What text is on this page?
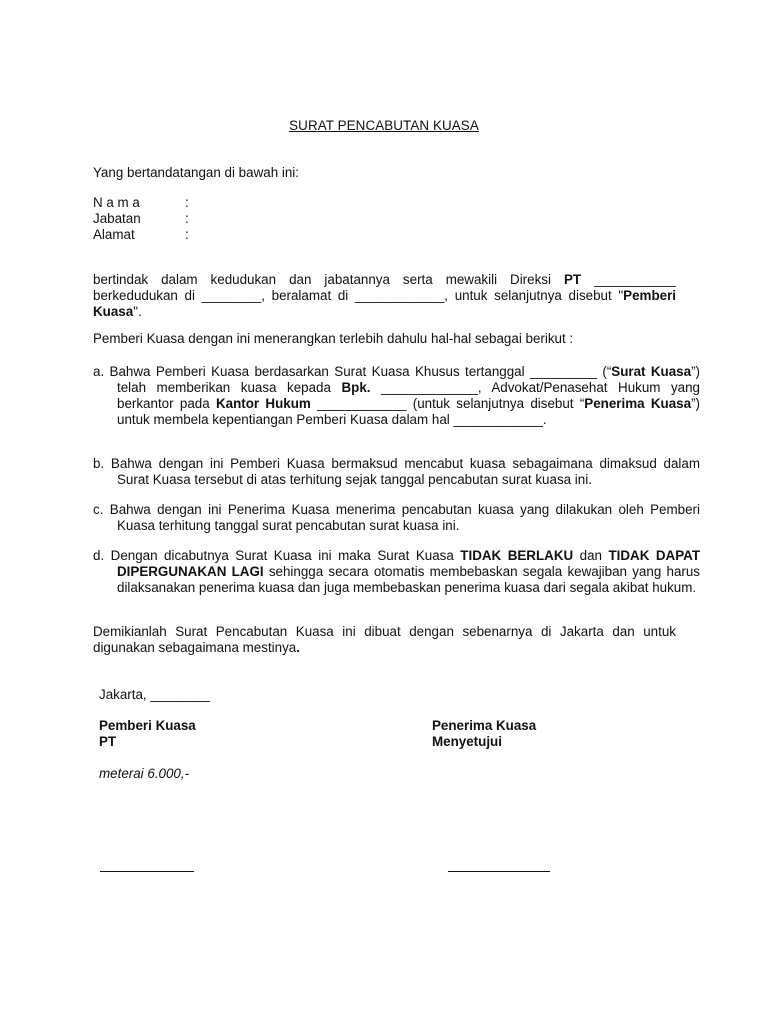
SURAT PENCABUTAN KUASA
Yang bertandatangan di bawah ini:
N a m a	:
Jabatan	:
Alamat	:
bertindak dalam kedudukan dan jabatannya serta mewakili Direksi PT ___________ berkedudukan di ________, beralamat di ____________, untuk selanjutnya disebut "Pemberi Kuasa".
Pemberi Kuasa dengan ini menerangkan terlebih dahulu hal-hal sebagai berikut :
a. Bahwa Pemberi Kuasa berdasarkan Surat Kuasa Khusus tertanggal _________ (“Surat Kuasa”) telah memberikan kuasa kepada Bpk. _____________, Advokat/Penasehat Hukum yang berkantor pada Kantor Hukum ____________ (untuk selanjutnya disebut “Penerima Kuasa”) untuk membela kepentiangan Pemberi Kuasa dalam hal ____________.
b. Bahwa dengan ini Pemberi Kuasa bermaksud mencabut kuasa sebagaimana dimaksud dalam Surat Kuasa tersebut di atas terhitung sejak tanggal pencabutan surat kuasa ini.
c. Bahwa dengan ini Penerima Kuasa menerima pencabutan kuasa yang dilakukan oleh Pemberi Kuasa terhitung tanggal surat pencabutan surat kuasa ini.
d. Dengan dicabutnya Surat Kuasa ini maka Surat Kuasa TIDAK BERLAKU dan TIDAK DAPAT DIPERGUNAKAN LAGI sehingga secara otomatis membebaskan segala kewajiban yang harus dilaksanakan penerima kuasa dan juga membebaskan penerima kuasa dari segala akibat hukum.
Demikianlah Surat Pencabutan Kuasa ini dibuat dengan sebenarnya di Jakarta dan untuk digunakan sebagaimana mestinya.
Jakarta, ________
Pemberi Kuasa
PT
Penerima Kuasa
Menyetujui
meterai 6.000,-
